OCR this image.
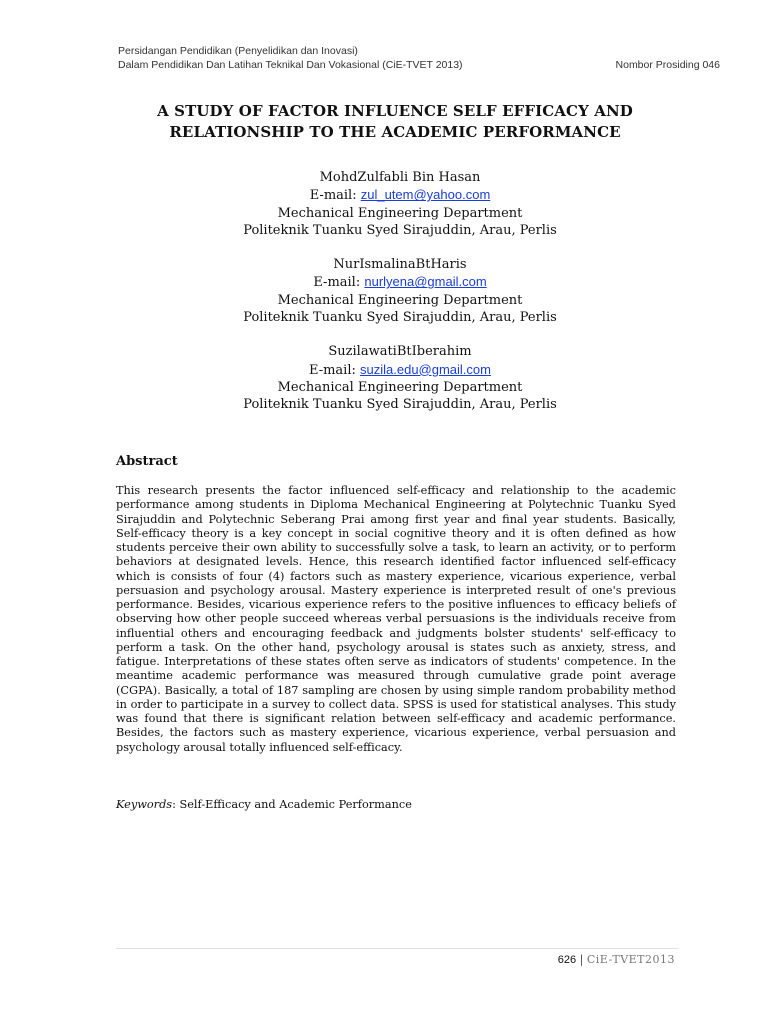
Persidangan Pendidikan (Penyelidikan dan Inovasi)
Dalam Pendidikan Dan Latihan Teknikal Dan Vokasional (CiE-TVET 2013)	Nombor Prosiding 046
A STUDY OF FACTOR INFLUENCE SELF EFFICACY AND
RELATIONSHIP TO THE ACADEMIC PERFORMANCE
MohdZulfabli Bin Hasan
E-mail: zul_utem@yahoo.com
Mechanical Engineering Department
Politeknik Tuanku Syed Sirajuddin, Arau, Perlis
NurIsmalinaBtHaris
E-mail: nurlyena@gmail.com
Mechanical Engineering Department
Politeknik Tuanku Syed Sirajuddin, Arau, Perlis
SuzilawatiBtIberahim
E-mail: suzila.edu@gmail.com
Mechanical Engineering Department
Politeknik Tuanku Syed Sirajuddin, Arau, Perlis
Abstract
This research presents the factor influenced self-efficacy and relationship to the academic performance among students in Diploma Mechanical Engineering at Polytechnic Tuanku Syed Sirajuddin and Polytechnic Seberang Prai among first year and final year students. Basically, Self-efficacy theory is a key concept in social cognitive theory and it is often defined as how students perceive their own ability to successfully solve a task, to learn an activity, or to perform behaviors at designated levels. Hence, this research identified factor influenced self-efficacy which is consists of four (4) factors such as mastery experience, vicarious experience, verbal persuasion and psychology arousal. Mastery experience is interpreted result of one's previous performance. Besides, vicarious experience refers to the positive influences to efficacy beliefs of observing how other people succeed whereas verbal persuasions is the individuals receive from influential others and encouraging feedback and judgments bolster students' self-efficacy to perform a task. On the other hand, psychology arousal is states such as anxiety, stress, and fatigue. Interpretations of these states often serve as indicators of students' competence. In the meantime academic performance was measured through cumulative grade point average (CGPA). Basically, a total of 187 sampling are chosen by using simple random probability method in order to participate in a survey to collect data. SPSS is used for statistical analyses. This study was found that there is significant relation between self-efficacy and academic performance. Besides, the factors such as mastery experience, vicarious experience, verbal persuasion and psychology arousal totally influenced self-efficacy.
Keywords: Self-Efficacy and Academic Performance
626 | CiE-TVET2013
